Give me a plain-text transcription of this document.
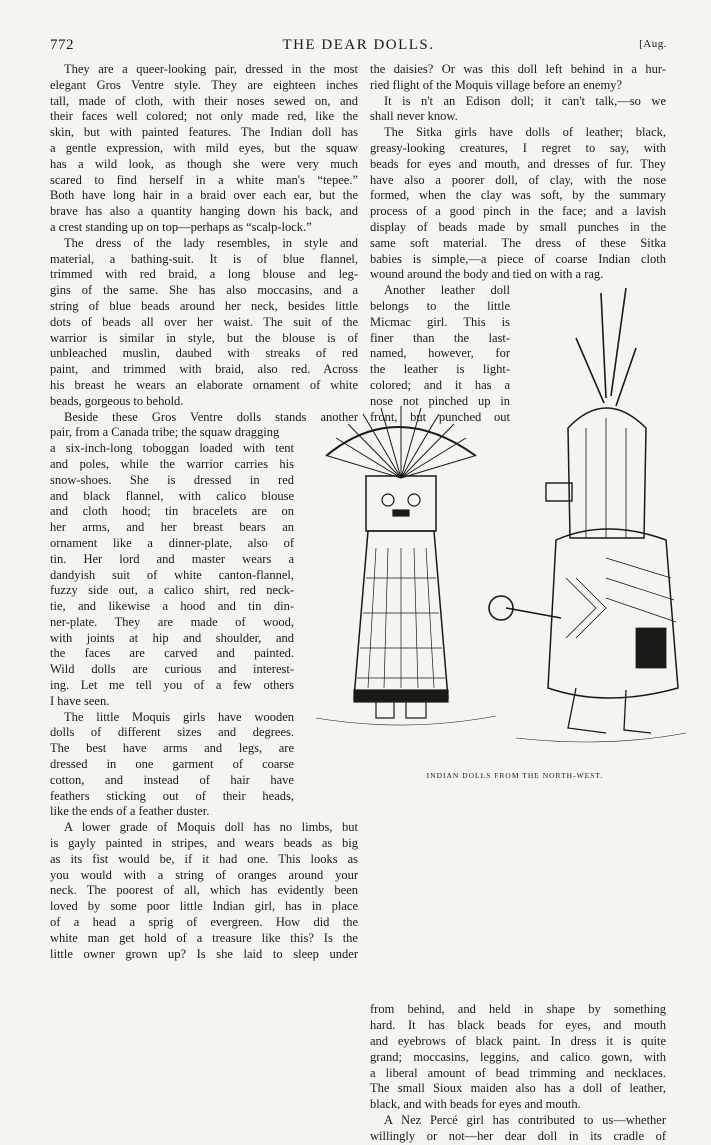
772	THE DEAR DOLLS.	[Aug.
They are a queer-looking pair, dressed in the most
elegant Gros Ventre style. They are eighteen inches
tall, made of cloth, with their noses sewed on, and
their faces well colored; not only made red, like the
skin, but with painted features. The Indian doll has
a gentle expression, with mild eyes, but the squaw
has a wild look, as though she were very much
scared to find herself in a white man's “tepee.”
Both have long hair in a braid over each ear, but the
brave has also a quantity hanging down his back, and
a crest standing up on top—perhaps as “scalp-lock.”
The dress of the lady resembles, in style and
material, a bathing-suit. It is of blue flannel,
trimmed with red braid, a long blouse and leg-
gins of the same. She has also moccasins, and a
string of blue beads around her neck, besides little
dots of beads all over her waist. The suit of the
warrior is similar in style, but the blouse is of
unbleached muslin, daubed with streaks of red
paint, and trimmed with braid, also red. Across
his breast he wears an elaborate ornament of white
beads, gorgeous to behold.
Beside these Gros Ventre dolls stands another
pair, from a Canada tribe; the squaw dragging
a six-inch-long toboggan loaded with tent
and poles, while the warrior carries his
snow-shoes. She is dressed in red
and black flannel, with calico blouse
and cloth hood; tin bracelets are on
her arms, and her breast bears an
ornament like a dinner-plate, also of
tin. Her lord and master wears a
dandyish suit of white canton-flannel,
fuzzy side out, a calico shirt, red neck-
tie, and likewise a hood and tin din-
ner-plate. They are made of wood,
with joints at hip and shoulder, and
the faces are carved and painted.
Wild dolls are curious and interest-
ing. Let me tell you of a few others
I have seen.
The little Moquis girls have wooden
dolls of different sizes and degrees.
The best have arms and legs, are
dressed in one garment of coarse
cotton, and instead of hair have
feathers sticking out of their heads,
like the ends of a feather duster.
A lower grade of Moquis doll has no limbs, but
is gayly painted in stripes, and wears beads as big
as its fist would be, if it had one. This looks as
you would with a string of oranges around your
neck. The poorest of all, which has evidently been
loved by some poor little Indian girl, has in place
of a head a sprig of evergreen. How did the
white man get hold of a treasure like this? Is the
little owner grown up? Is she laid to sleep under
the daisies? Or was this doll left behind in a hur-
ried flight of the Moquis village before an enemy?
It is n't an Edison doll; it can't talk,—so we
shall never know.
The Sitka girls have dolls of leather; black,
greasy-looking creatures, I regret to say, with
beads for eyes and mouth, and dresses of fur. They
have also a poorer doll, of clay, with the nose
formed, when the clay was soft, by the summary
process of a good pinch in the face; and a lavish
display of beads made by small punches in the
same soft material. The dress of these Sitka
babies is simple,—a piece of coarse Indian cloth
wound around the body and tied on with a rag.
Another leather doll
belongs to the little
Micmac girl. This is
finer than the last-
named, however, for
the leather is light-
colored; and it has a
nose not pinched up in
front, but punched out
from behind, and held in shape by something
hard. It has black beads for eyes, and mouth
and eyebrows of black paint. In dress it is quite
grand; moccasins, leggins, and calico gown, with
a liberal amount of bead trimming and necklaces.
The small Sioux maiden also has a doll of leather,
black, and with beads for eyes and mouth.
A Nez Percé girl has contributed to us—whether
willingly or not—her dear doll in its cradle of
INDIAN DOLLS FROM THE NORTH-WEST.
